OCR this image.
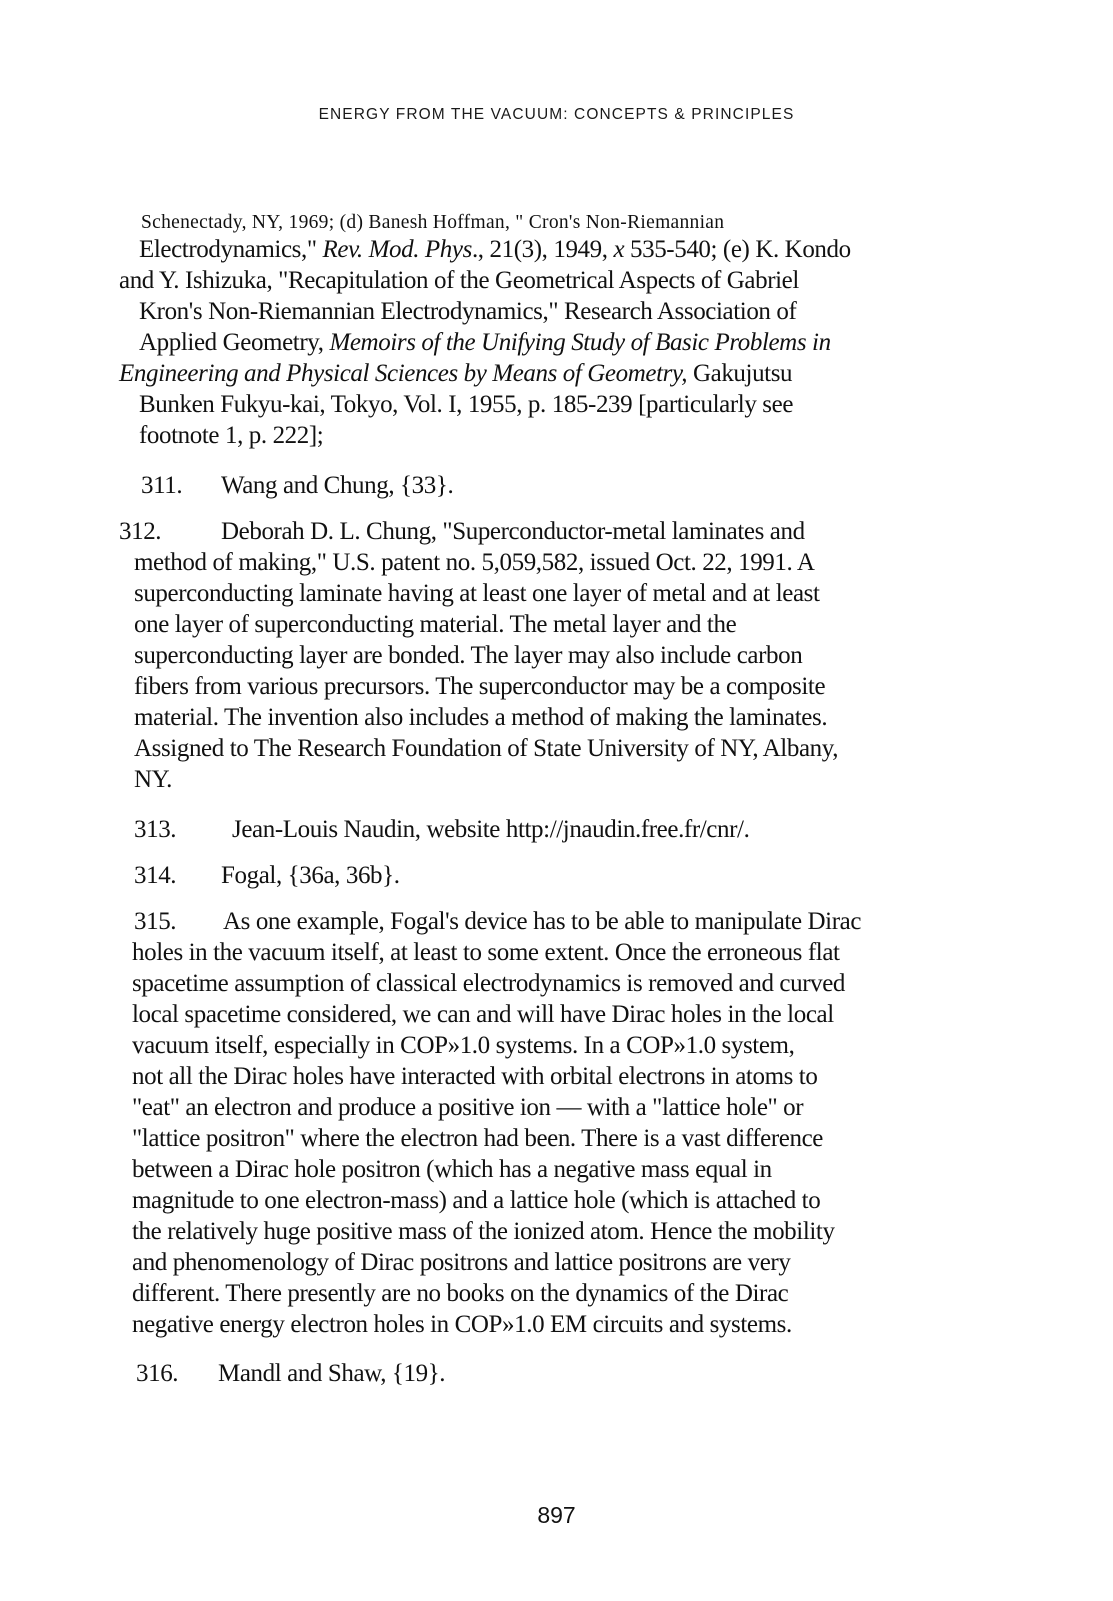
ENERGY FROM THE VACUUM: CONCEPTS & PRINCIPLES
Schenectady, NY, 1969; (d) Banesh Hoffman, " Cron's Non-Riemannian
Electrodynamics," Rev. Mod. Phys., 21(3), 1949, x 535-540; (e) K. Kondo
and Y. Ishizuka, "Recapitulation of the Geometrical Aspects of Gabriel
Kron's Non-Riemannian Electrodynamics," Research Association of
Applied Geometry, Memoirs of the Unifying Study of Basic Problems in
Engineering and Physical Sciences by Means of Geometry, Gakujutsu
Bunken Fukyu-kai, Tokyo, Vol. I, 1955, p. 185-239 [particularly see
footnote 1, p. 222];
311. Wang and Chung, {33}.
312. Deborah D. L. Chung, "Superconductor-metal laminates and
method of making," U.S. patent no. 5,059,582, issued Oct. 22, 1991. A
superconducting laminate having at least one layer of metal and at least
one layer of superconducting material. The metal layer and the
superconducting layer are bonded. The layer may also include carbon
fibers from various precursors. The superconductor may be a composite
material. The invention also includes a method of making the laminates.
Assigned to The Research Foundation of State University of NY, Albany,
NY.
313. Jean-Louis Naudin, website http://jnaudin.free.fr/cnr/.
314. Fogal, {36a, 36b}.
315. As one example, Fogal's device has to be able to manipulate Dirac
holes in the vacuum itself, at least to some extent. Once the erroneous flat
spacetime assumption of classical electrodynamics is removed and curved
local spacetime considered, we can and will have Dirac holes in the local
vacuum itself, especially in COP»1.0 systems. In a COP»1.0 system,
not all the Dirac holes have interacted with orbital electrons in atoms to
"eat" an electron and produce a positive ion — with a "lattice hole" or
"lattice positron" where the electron had been. There is a vast difference
between a Dirac hole positron (which has a negative mass equal in
magnitude to one electron-mass) and a lattice hole (which is attached to
the relatively huge positive mass of the ionized atom. Hence the mobility
and phenomenology of Dirac positrons and lattice positrons are very
different. There presently are no books on the dynamics of the Dirac
negative energy electron holes in COP»1.0 EM circuits and systems.
316. Mandl and Shaw, {19}.
897
